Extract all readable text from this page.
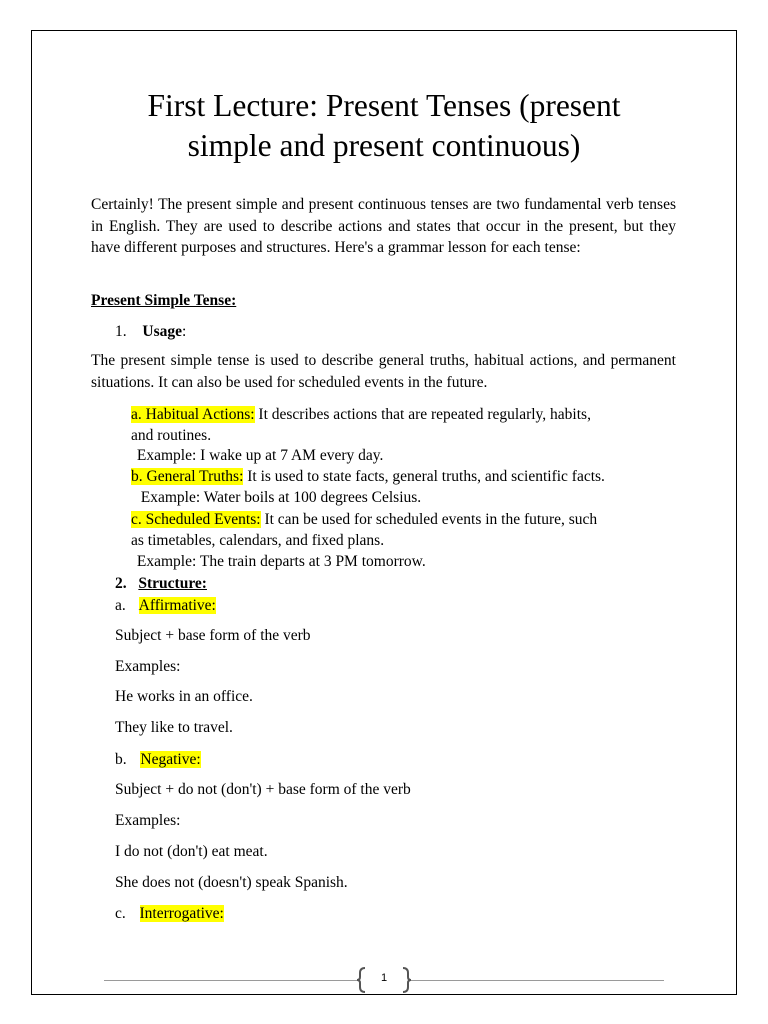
First Lecture: Present Tenses (present
simple and present continuous)

Certainly! The present simple and present continuous tenses are two fundamental verb tenses in English. They are used to describe actions and states that occur in the present, but they have different purposes and structures. Here's a grammar lesson for each tense:

Present Simple Tense:
1. Usage:

The present simple tense is used to describe general truths, habitual actions, and permanent situations. It can also be used for scheduled events in the future.

a. Habitual Actions: It describes actions that are repeated regularly, habits,
and routines.
Example: I wake up at 7 AM every day.
b. General Truths: It is used to state facts, general truths, and scientific facts.
Example: Water boils at 100 degrees Celsius.
c. Scheduled Events: It can be used for scheduled events in the future, such
as timetables, calendars, and fixed plans.
Example: The train departs at 3 PM tomorrow.
2. Structure:
a. Affirmative:
Subject + base form of the verb
Examples:
He works in an office.
They like to travel.
b. Negative:
Subject + do not (don't) + base form of the verb
Examples:
I do not (don't) eat meat.
She does not (doesn't) speak Spanish.
c. Interrogative:
1
